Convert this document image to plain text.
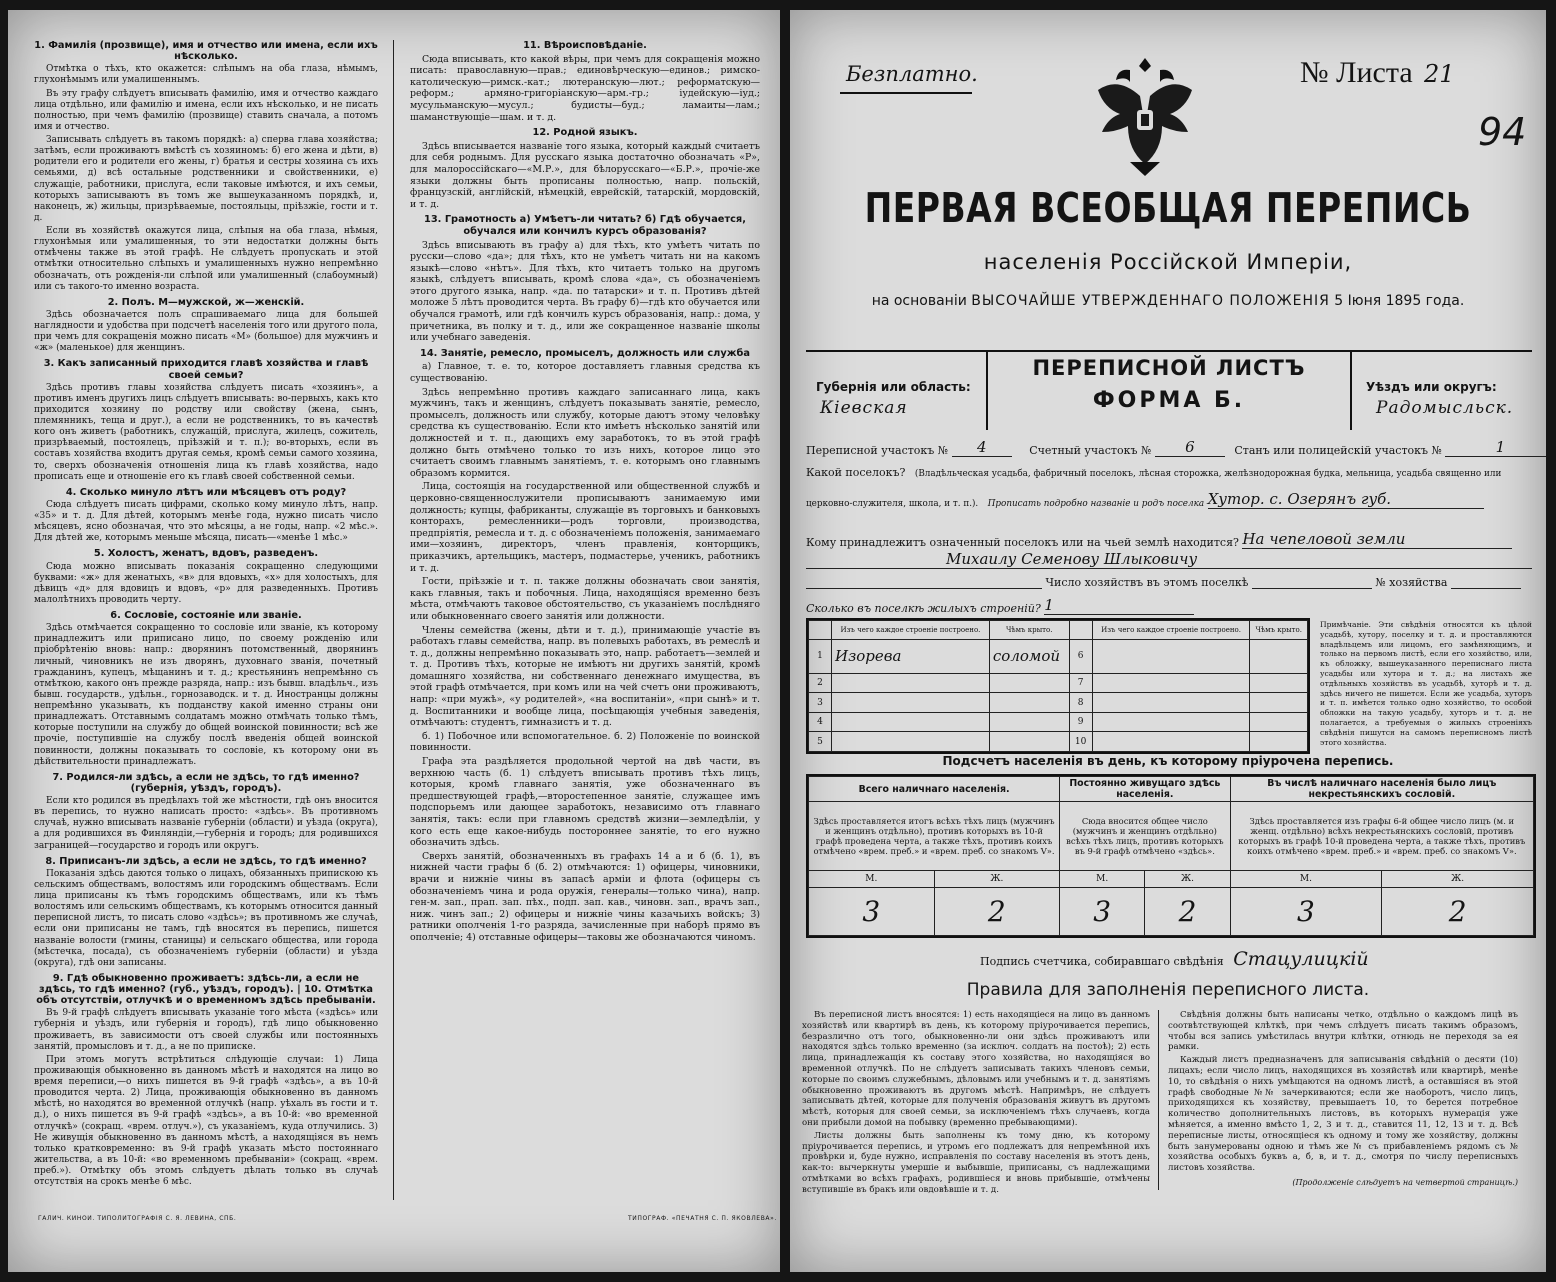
1. Фамилія (прозвище), имя и отчество или имена, если ихъ нѣсколько.

Отмѣтка о тѣхъ, кто окажется: слѣпымъ на оба глаза, нѣмымъ, глухонѣмымъ или умалишеннымъ.

Въ эту графу слѣдуетъ вписывать фамилію, имя и отчество каждаго лица отдѣльно, или фамилію и имена, если ихъ нѣсколько, и не писать полностью, при чемъ фамилію (прозвище) ставить сначала, а потомъ имя и отчество.

Записывать слѣдуетъ въ такомъ порядкѣ: а) сперва глава хозяйства; затѣмъ, если проживаютъ вмѣстѣ съ хозяиномъ: б) его жена и дѣти, в) родители его и родители его жены, г) братья и сестры хозяина съ ихъ семьями, д) всѣ остальные родственники и свойственники, е) служащіе, работники, прислуга, если таковые имѣются, и ихъ семьи, которыхъ записываютъ въ томъ же вышеуказанномъ порядкѣ, и, наконецъ, ж) жильцы, призрѣваемые, постояльцы, пріѣзжіе, гости и т. д.

Если въ хозяйствѣ окажутся лица, слѣпыя на оба глаза, нѣмыя, глухонѣмыя или умалишенныя, то эти недостатки должны быть отмѣчены также въ этой графѣ. Не слѣдуетъ пропускать и этой отмѣтки относительно слѣпыхъ и умалишенныхъ нужно непремѣнно обозначать, отъ рожденія-ли слѣпой или умалишенный (слабоумный) или съ такого-то именно возраста.

2. Полъ. М—мужской, ж—женскій.

Здѣсь обозначается полъ спрашиваемаго лица для большей наглядности и удобства при подсчетѣ населенія того или другого пола, при чемъ для сокращенія можно писать «М» (большое) для мужчинъ и «ж» (маленькое) для женщинъ.

3. Какъ записанный приходится главѣ хозяйства и главѣ своей семьи?

Здѣсь противъ главы хозяйства слѣдуетъ писать «хозяинъ», а противъ именъ другихъ лицъ слѣдуетъ вписывать: во-первыхъ, какъ кто приходится хозяину по родству или свойству (жена, сынъ, племянникъ, теща и друг.), а если не родственникъ, то въ качествѣ кого онъ живетъ (работникъ, служащій, прислуга, жилецъ, сожитель, призрѣваемый, постоялецъ, пріѣзжій и т. п.); во-вторыхъ, если въ составъ хозяйства входитъ другая семья, кромѣ семьи самого хозяина, то, сверхъ обозначенія отношенія лица къ главѣ хозяйства, надо прописать еще и отношеніе его къ главѣ своей собственной семьи.

4. Сколько минуло лѣтъ или мѣсяцевъ отъ роду?

Сюда слѣдуетъ писать цифрами, сколько кому минуло лѣтъ, напр. «35» и т. д. Для дѣтей, которымъ менѣе года, нужно писать число мѣсяцевъ, ясно обозначая, что это мѣсяцы, а не годы, напр. «2 мѣс.». Для дѣтей же, которымъ меньше мѣсяца, писать—«менѣе 1 мѣс.»

5. Холостъ, женатъ, вдовъ, разведенъ.

Сюда можно вписывать показанія сокращенно следующими буквами: «ж» для женатыхъ, «в» для вдовыхъ, «х» для холостыхъ, для дѣвицъ «д» для вдовицъ и вдовъ, «р» для разведенныхъ. Противъ малолѣтнихъ проводить черту.

6. Сословіе, состояніе или званіе.

Здѣсь отмѣчается сокращенно то сословіе или званіе, къ которому принадлежитъ или приписано лицо, по своему рожденію или пріобрѣтенію вновь: напр.: дворянинъ потомственный, дворянинъ личный, чиновникъ не изъ дворянъ, духовнаго званія, почетный гражданинъ, купецъ, мѣщанинъ и т. д.; крестьянинъ непремѣнно съ отмѣткою, какого онъ прежде разряда, напр.: изъ бывш. владѣльч., изъ бывш. государств., удѣльн., горнозаводск. и т. д. Иностранцы должны непремѣнно указывать, къ подданству какой именно страны они принадлежатъ. Отставнымъ солдатамъ можно отмѣчать только тѣмъ, которые поступили на службу до общей воинской повинности; всѣ же прочіе, поступившіе на службу послѣ введенія общей воинской повинности, должны показывать то сословіе, къ которому они въ дѣйствительности принадлежатъ.

7. Родился-ли здѣсь, а если не здѣсь, то гдѣ именно? (губернія, уѣздъ, городъ).

Если кто родился въ предѣлахъ той же мѣстности, гдѣ онъ вносится въ перепись, то нужно написать просто: «здѣсь». Въ противномъ случаѣ, нужно вписывать названіе губерніи (области) и уѣзда (округа), а для родившихся въ Финляндіи,—губернія и городъ; для родившихся заграницей—государство и городъ или округъ.

8. Приписанъ-ли здѣсь, а если не здѣсь, то гдѣ именно?

Показанія здѣсь даются только о лицахъ, обязанныхъ припискою къ сельскимъ обществамъ, волостямъ или городскимъ обществамъ. Если лица приписаны къ тѣмъ городскимъ обществамъ, или къ тѣмъ волостямъ или сельскимъ обществамъ, къ которымъ относится данный переписной листъ, то писать слово «здѣсь»; въ противномъ же случаѣ, если они приписаны не тамъ, гдѣ вносятся въ перепись, пишется названіе волости (гмины, станицы) и сельскаго общества, или города (мѣстечка, посада), съ обозначеніемъ губерніи (области) и уѣзда (округа), гдѣ они записаны.

9. Гдѣ обыкновенно проживаетъ: здѣсь-ли, а если не здѣсь, то гдѣ именно? (губ., уѣздъ, городъ). | 10. Отмѣтка объ отсутствіи, отлучкѣ и о временномъ здѣсь пребываніи.

Въ 9-й графѣ слѣдуетъ вписывать указаніе того мѣста («здѣсь» или губернія и уѣздъ, или губернія и городъ), гдѣ лицо обыкновенно проживаетъ, въ зависимости отъ своей службы или постоянныхъ занятій, промысловъ и т. д., а не по приписке.

При этомъ могутъ встрѣтиться слѣдующіе случаи: 1) Лица проживающія обыкновенно въ данномъ мѣстѣ и находятся на лицо во время переписи,—о нихъ пишется въ 9-й графѣ «здѣсь», а въ 10-й проводится черта. 2) Лица, проживающія обыкновенно въ данномъ мѣстѣ, но находятся во временной отлучкѣ (напр. уѣхалъ въ гости и т. д.), о нихъ пишется въ 9-й графѣ «здѣсь», а въ 10-й: «во временной отлучкѣ» (сокращ. «врем. отлуч.»), съ указаніемъ, куда отлучились. 3) Не живущія обыкновенно въ данномъ мѣстѣ, а находящіяся въ немъ только кратковременно: въ 9-й графѣ указать мѣсто постояннаго жительства, а въ 10-й: «во временномъ пребываніи» (сокращ. «врем. преб.»). Отмѣтку объ этомъ слѣдуетъ дѣлать только въ случаѣ отсутствія на срокъ менѣе 6 мѣс.

11. Вѣроисповѣданіе.

Сюда вписывать, кто какой вѣры, при чемъ для сокращенія можно писать: православную—прав.; единовѣрческую—единов.; римско-католическую—римск.-кат.; лютеранскую—лют.; реформатскую—реформ.; армяно-григоріанскую—арм.-гр.; іудейскую—іуд.; мусульманскую—мусул.; будисты—буд.; ламаиты—лам.; шаманствующіе—шам. и т. д.

12. Родной языкъ.

Здѣсь вписывается названіе того языка, который каждый считаетъ для себя роднымъ. Для русскаго языка достаточно обозначать «Р», для малороссійскаго—«М.Р.», для бѣлорусскаго—«Б.Р.», прочіе-же языки должны быть прописаны полностью, напр. польскій, французскій, англійскій, нѣмецкій, еврейскій, татарскій, мордовскій, и т. д.

13. Грамотность а) Умѣетъ-ли читать? б) Гдѣ обучается, обучался или кончилъ курсъ образованія?

Здѣсь вписывають въ графу а) для тѣхъ, кто умѣетъ читать по русски—слово «да»; для тѣхъ, кто не умѣетъ читать ни на какомъ языкѣ—слово «нѣтъ». Для тѣхъ, кто читаетъ только на другомъ языкѣ, слѣдуетъ вписывать, кромѣ слова «да», съ обозначеніемъ этого другого языка, напр. «да. по татарски» и т. п. Противъ дѣтей моложе 5 лѣтъ проводится черта. Въ графу б)—гдѣ кто обучается или обучался грамотѣ, или гдѣ кончилъ курсъ образованія, напр.: дома, у причетника, въ полку и т. д., или же сокращенное названіе школы или учебнаго заведенія.

14. Занятіе, ремесло, промыселъ, должность или служба

а) Главное, т. е. то, которое доставляетъ главныя средства къ существованію.

Здѣсь непремѣнно противъ каждаго записаннаго лица, какъ мужчинъ, такъ и женщинъ, слѣдуетъ показывать занятіе, ремесло, промыселъ, должность или службу, которые даютъ этому человѣку средства къ существованію. Если кто имѣетъ нѣсколько занятій или должностей и т. п., дающихъ ему заработокъ, то въ этой графѣ должно быть отмѣчено только то изъ нихъ, которое лицо это считаетъ своимъ главнымъ занятіемъ, т. е. которымъ оно главнымъ образомъ кормится.

Лица, состоящія на государственной или общественной службѣ и церковно-священнослужители прописываютъ занимаемую ими должность; купцы, фабриканты, служащіе въ торговыхъ и банковыхъ конторахъ, ремесленники—родъ торговли, производства, предпріятія, ремесла и т. д. с обозначеніемъ положенія, занимаемаго ими—хозяинъ, директоръ, членъ правленія, конторщикъ, приказчикъ, артельщикъ, мастеръ, подмастерье, ученикъ, работникъ и т. д.

Гости, пріѣзжіе и т. п. также должны обозначать свои занятія, какъ главныя, такъ и побочныя. Лица, находящіяся временно безъ мѣста, отмѣчаютъ таковое обстоятельство, съ указаніемъ послѣдняго или обыкновеннаго своего занятія или должности.

Члены семейства (жены, дѣти и т. д.), принимающіе участіе въ работахъ главы семейства, напр. въ полевыхъ работахъ, въ ремеслѣ и т. д., должны непремѣнно показывать это, напр. работаетъ—землей и т. д. Противъ тѣхъ, которые не имѣютъ ни другихъ занятій, кромѣ домашняго хозяйства, ни собственнаго денежнаго имущества, въ этой графѣ отмѣчается, при комъ или на чей счетъ они проживаютъ, напр: «при мужѣ», «у родителей», «на воспитаніи», «при сынѣ» и т. д. Воспитанники и вообще лица, посѣщающія учебныя заведенія, отмѣчаютъ: студентъ, гимназистъ и т. д.

б. 1) Побочное или вспомогательное. б. 2) Положеніе по воинской повинности.

Графа эта раздѣляется продольной чертой на двѣ части, въ верхнюю часть (б. 1) слѣдуетъ вписывать противъ тѣхъ лицъ, которыя, кромѣ главнаго занятія, уже обозначеннаго въ предшествующей графѣ,—второстепенное занятіе, служащее имъ подспорьемъ или дающее заработокъ, независимо отъ главнаго занятія, такъ: если при главномъ средствѣ жизни—земледѣліи, у кого есть еще какое-нибудь постороннее занятіе, то его нужно обозначить здѣсь.

Сверхъ занятій, обозначенныхъ въ графахъ 14 а и б (б. 1), въ нижней части графы б (б. 2) отмѣчаются: 1) офицеры, чиновники, врачи и нижніе чины въ запасѣ арміи и флота (офицеры съ обозначеніемъ чина и рода оружія, генералы—только чина), напр. ген-м. зап., прап. зап. пѣх., подп. зап. кав., чиновн. зап., врачъ зап., ниж. чинъ зап.; 2) офицеры и нижніе чины казачьихъ войскъ; 3) ратники ополченія 1-го разряда, зачисленные при наборѣ прямо въ ополченіе; 4) отставные офицеры—таковы же обозначаются чиномъ.

ГАЛИЧ. КИНОИ. ТИПОЛИТОГРАФІЯ С. Я. ЛЕВИНА, СПБ.	ТИПОГРАФ. «ПЕЧАТНЯ С. П. ЯКОВЛЕВА».
Безплатно.	№ Листа 21
94
ПЕРВАЯ ВСЕОБЩАЯ ПЕРЕПИСЬ
населенія Россійской Имперіи,
на основаніи ВЫСОЧАЙШЕ УТВЕРЖДЕННАГО ПОЛОЖЕНІЯ 5 Іюня 1895 года.
Губернія или область:
Кіевская
ПЕРЕПИСНОЙ ЛИСТЪ
ФОРМА Б.
Уѣздъ или округъ:
Радомысльск.
Переписной участокъ № 4	Счетный участокъ № 6	Станъ или полицейскій участокъ №	1
Какой поселокъ? (Владѣльческая усадьба, фабричный поселокъ, лѣсная сторожка, желѣзнодорожная будка, мельница, усадьба священно или
церковно-служителя, школа, и т. п.). Прописать подробно названіе и родъ поселка Хутор. с. Озерянъ губ.
Кому принадлежитъ означенный поселокъ или на чьей землѣ находится? На чепеловой земли
Михаилу Семенову Шлыковичу
Число хозяйствъ въ этомъ поселкѣ	№ хозяйства
Сколько въ поселкѣ жилыхъ строеній? 1
	Изъ чего каждое строеніе построено.	Чѣмъ крыто.		Изъ чего каждое строеніе построено.	Чѣмъ крыто.
1	Изорева	соломой	6		
2			7		
3			8		
4			9		
5			10		
Примѣчаніе. Эти свѣдѣнія относятся къ цѣлой усадьбѣ, хутору, поселку и т. д. и проставляются владѣльцемъ или лицомъ, его замѣняющимъ, и только на первомъ листѣ, если его хозяйство, или, къ обложку, вышеуказанного переписнаго листа усадьбы или хутора и т. д.; на листахъ же отдѣльныхъ хозяйствъ въ усадьбѣ, хуторѣ и т. д. здѣсь ничего не пишется. Если же усадьба, хуторъ и т. п. имѣется только одно хозяйство, то особой обложки на такую усадьбу, хуторъ и т. д. не полагается, а требуемыя о жилыхъ строеніяхъ свѣдѣнія пишутся на самомъ переписномъ листѣ этого хозяйства.
Подсчетъ населенія въ день, къ которому пріурочена перепись.
Всего наличнаго населенія.		Постоянно живущаго здѣсь населенія.		Въ числѣ наличнаго населенія было лицъ некрестьянскихъ сословій.	
Здѣсь проставляется итогъ всѣхъ тѣхъ лицъ (мужчинъ и женщинъ отдѣльно), противъ которыхъ въ 10-й графѣ проведена черта, а также тѣхъ, противъ коихъ отмѣчено «врем. преб.» и «врем. преб. со знакомъ V».		Сюда вносится общее число (мужчинъ и женщинъ отдѣльно) всѣхъ тѣхъ лицъ, противъ которыхъ въ 9-й графѣ отмѣчено «здѣсь».		Здѣсь проставляется изъ графы 6-й общее число лицъ (м. и женщ. отдѣльно) всѣхъ некрестьянскихъ сословій, противъ которыхъ въ графѣ 10-й проведена черта, а также тѣхъ, противъ коихъ отмѣчено «врем. преб.» и «врем. преб. со знакомъ V».	
М.	Ж.	М.	Ж.	М.	Ж.
3	2	3	2	3	2
Подпись счетчика, собиравшаго свѣдѣнія Стацулицкій
Правила для заполненія переписного листа.

Въ переписной листъ вносятся: 1) есть находящіеся на лицо въ данномъ хозяйствѣ или квартирѣ въ день, къ которому пріурочивается перепись, безразлично отъ того, обыкновенно-ли они здѣсь проживаютъ или находятся здѣсь только временно (за исключ. солдатъ на постоѣ); 2) есть лица, принадлежащія къ составу этого хозяйства, но находящіяся во временной отлучкѣ. По не слѣдуетъ записывать такихъ членовъ семьи, которые по своимъ служебнымъ, дѣловымъ или учебнымъ и т. д. занятіямъ обыкновенно проживаютъ въ другомъ мѣстѣ. Напримѣръ, не слѣдуетъ записывать дѣтей, которые для полученія образованія живутъ въ другомъ мѣстѣ, которыя для своей семьи, за исключеніемъ тѣхъ случаевъ, когда они прибыли домой на побывку (временно пребывающими).

Листы должны быть заполнены къ тому дню, къ которому пріурочивается перепись, и утромъ его подлежатъ для непремѣнной ихъ провѣрки и, буде нужно, исправленія по составу населенія въ этотъ день, как-то: вычеркнуты умершіе и выбывшіе, приписаны, съ надлежащими отмѣтками во всѣхъ графахъ, родившіеся и вновь прибывшіе, отмѣчены вступившіе въ бракъ или овдовѣвшіе и т. д.

Свѣдѣнія должны быть написаны четко, отдѣльно о каждомъ лицѣ въ соотвѣтствующей клѣткѣ, при чемъ слѣдуетъ писать такимъ образомъ, чтобы вся запись умѣстилась внутри клѣтки, отнюдь не переходя за ея рамки.

Каждый листъ предназначенъ для записыванія свѣдѣній о десяти (10) лицахъ; если число лицъ, находящихся въ хозяйствѣ или квартирѣ, менѣе 10, то свѣдѣнія о нихъ умѣщаются на одномъ листѣ, а оставшіяся въ этой графѣ свободные №№ зачеркиваются; если же наоборотъ, число лицъ, приходящихся къ хозяйству, превышаетъ 10, то берется потребное количество дополнительныхъ листовъ, въ которыхъ нумерація уже мѣняется, а именно вмѣсто 1, 2, 3 и т. д., ставится 11, 12, 13 и т. д. Всѣ переписные листы, относящіеся къ одному и тому же хозяйству, должны быть занумерованы одною и тѣмъ же № съ прибавленіемъ рядомъ съ № хозяйства особыхъ буквъ а, б, в, и т. д., смотря по числу переписныхъ листовъ хозяйства.

(Продолженіе слѣдуетъ на четвертой страницѣ.)
